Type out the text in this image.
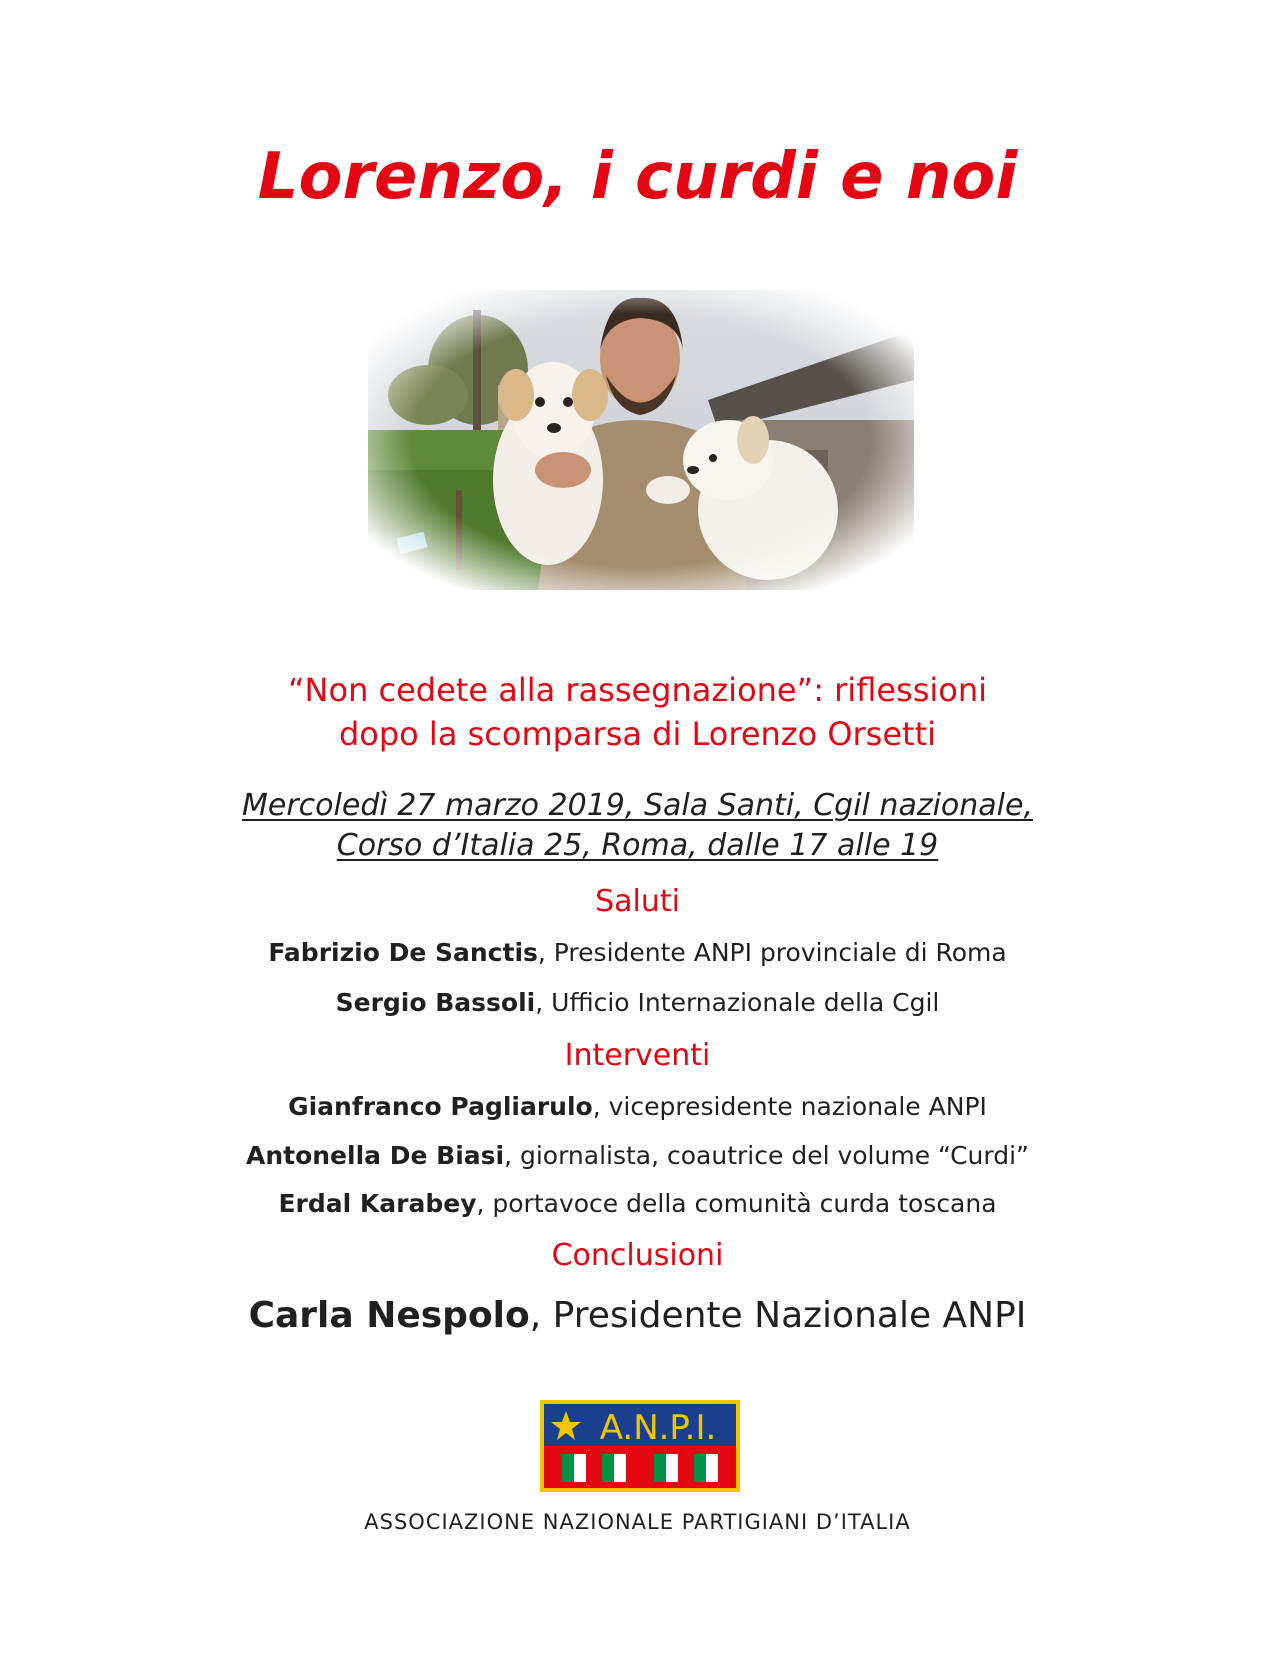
Lorenzo, i curdi e noi
“Non cedete alla rassegnazione”: riflessioni
dopo la scomparsa di Lorenzo Orsetti
Mercoledì 27 marzo 2019, Sala Santi, Cgil nazionale,
Corso d’Italia 25, Roma, dalle 17 alle 19
Saluti
Fabrizio De Sanctis, Presidente ANPI provinciale di Roma
Sergio Bassoli, Ufficio Internazionale della Cgil
Interventi
Gianfranco Pagliarulo, vicepresidente nazionale ANPI
Antonella De Biasi, giornalista, coautrice del volume “Curdi”
Erdal Karabey, portavoce della comunità curda toscana
Conclusioni
Carla Nespolo, Presidente Nazionale ANPI
A.N.P.I.
ASSOCIAZIONE NAZIONALE PARTIGIANI D’ITALIA
